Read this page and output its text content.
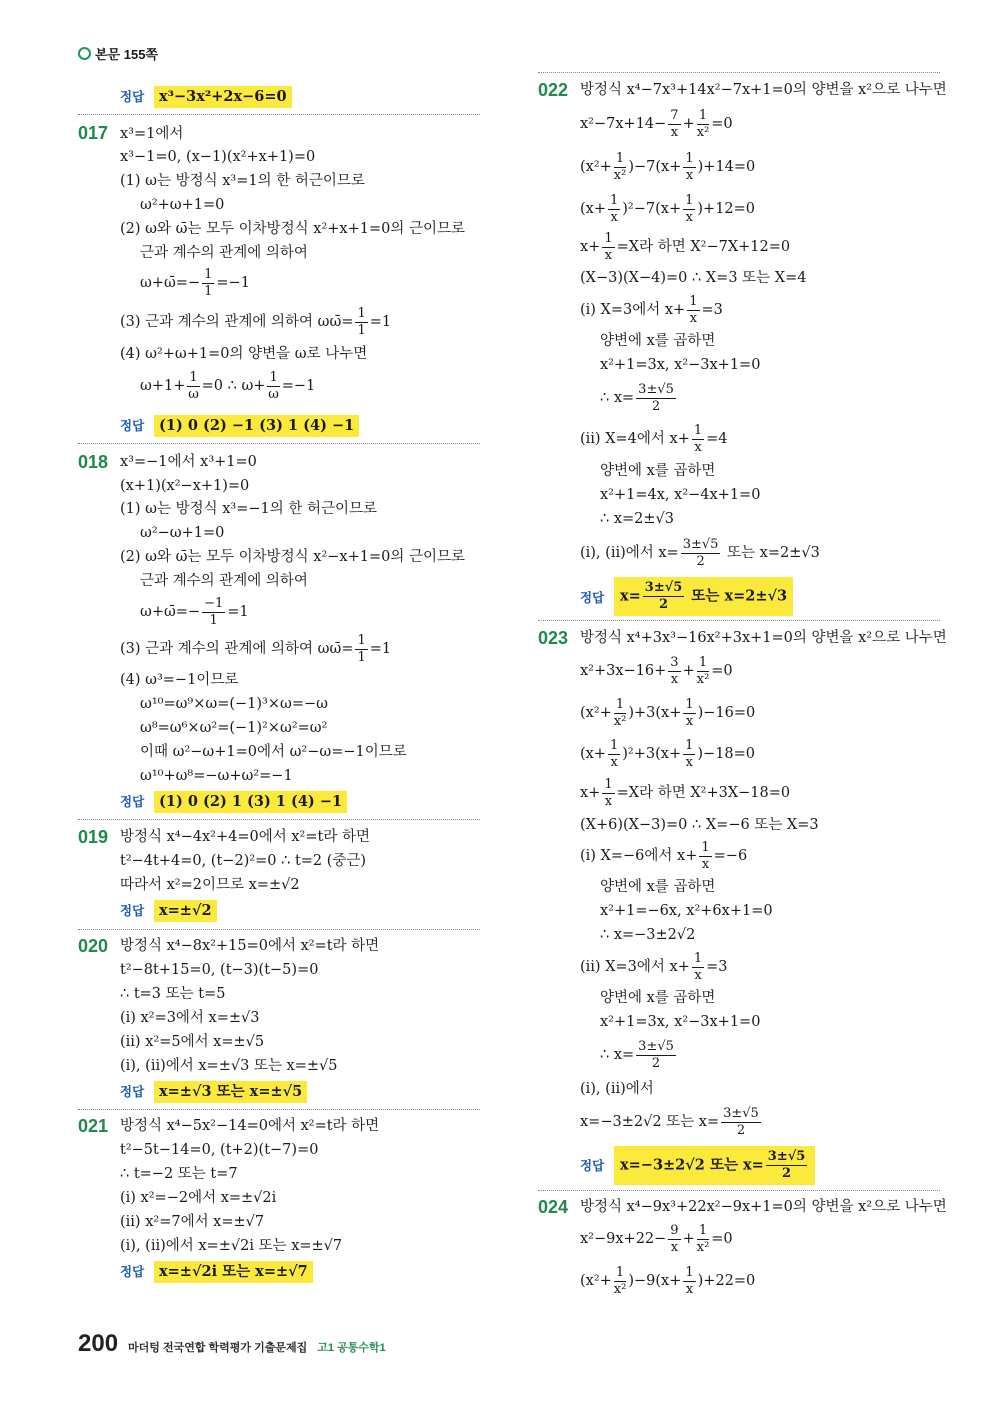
본문 155쪽
정답	x³−3x²+2x−6=0
017 x³=1에서
x³−1=0, (x−1)(x²+x+1)=0
(1) ω는 방정식 x³=1의 한 허근이므로
ω²+ω+1=0
(2) ω와 ω̄는 모두 이차방정식 x²+x+1=0의 근이므로
근과 계수의 관계에 의하여
ω+ω̄=− $\frac{1}{1} =-1$
(3) 근과 계수의 관계에 의하여 ωω̄= $\frac{1}{1} =1$
(4) ω²+ω+1=0의 양변을 ω로 나누면
$\omega+1+ \frac{1}{\omega} =0$ ∴ $\omega+ \frac{1}{\omega} =-1$
정답	(1) 0 (2) −1 (3) 1 (4) −1
018 x³=−1에서 x³+1=0
(x+1)(x²−x+1)=0
(1) ω는 방정식 x³=−1의 한 허근이므로
ω²−ω+1=0
(2) ω와 ω̄는 모두 이차방정식 x²−x+1=0의 근이므로
근과 계수의 관계에 의하여
ω+ω̄=− $\frac{-1}{1} =1$
(3) 근과 계수의 관계에 의하여 ωω̄= $\frac{1}{1} =1$
(4) ω³=−1이므로
ω¹⁰=ω⁹×ω=(−1)³×ω=−ω
ω⁸=ω⁶×ω²=(−1)²×ω²=ω²
이때 ω²−ω+1=0에서 ω²−ω=−1이므로
ω¹⁰+ω⁸=−ω+ω²=−1
정답	(1) 0 (2) 1 (3) 1 (4) −1
019 방정식 x⁴−4x²+4=0에서 x²=t라 하면
t²−4t+4=0, (t−2)²=0 ∴ t=2 (중근)
따라서 x²=2이므로 x=±√2
정답	x=±√2
020 방정식 x⁴−8x²+15=0에서 x²=t라 하면
t²−8t+15=0, (t−3)(t−5)=0
∴ t=3 또는 t=5
(ⅰ) x²=3에서 x=±√3
(ⅱ) x²=5에서 x=±√5
(ⅰ), (ⅱ)에서 x=±√3 또는 x=±√5
정답	x=±√3 또는 x=±√5
021 방정식 x⁴−5x²−14=0에서 x²=t라 하면
t²−5t−14=0, (t+2)(t−7)=0
∴ t=−2 또는 t=7
(ⅰ) x²=−2에서 x=±√2i
(ⅱ) x²=7에서 x=±√7
(ⅰ), (ⅱ)에서 x=±√2i 또는 x=±√7
정답	x=±√2i 또는 x=±√7
022 방정식 x⁴−7x³+14x²−7x+1=0의 양변을 x²으로 나누면
$x^2-7x+14- \frac{7}{x} + \frac{1}{\text{x²}} =0$
$(x^2+ \frac{1}{\text{x²}} )-7(x+ \frac{1}{x} )+14=0$
$(x+ \frac{1}{x} )^2-7(x+ \frac{1}{x} )+12=0$
$x+ \frac{1}{x} =X$라 하면 X²−7X+12=0
(X−3)(X−4)=0 ∴ X=3 또는 X=4
(ⅰ) X=3에서 $x+ \frac{1}{x} =3$
양변에 x를 곱하면
x²+1=3x, x²−3x+1=0
∴ $x= \frac{3\pm√5}{2}$
(ⅱ) X=4에서 $x+ \frac{1}{x} =4$
양변에 x를 곱하면
x²+1=4x, x²−4x+1=0
∴ x=2±√3
(ⅰ), (ⅱ)에서 $x= \frac{3\pm√5}{2}$ 또는 x=2±√3
정답	$x= \frac{3\pm√5}{2}$ 또는 x=2±√3
023 방정식 x⁴+3x³−16x²+3x+1=0의 양변을 x²으로 나누면
$x^2+3x-16+ \frac{3}{x} + \frac{1}{\text{x²}} =0$
$(x^2+ \frac{1}{\text{x²}} )+3(x+ \frac{1}{x} )-16=0$
$(x+ \frac{1}{x} )^2+3(x+ \frac{1}{x} )-18=0$
$x+ \frac{1}{x} =X$라 하면 X²+3X−18=0
(X+6)(X−3)=0 ∴ X=−6 또는 X=3
(ⅰ) X=−6에서 $x+ \frac{1}{x} =-6$
양변에 x를 곱하면
x²+1=−6x, x²+6x+1=0
∴ x=−3±2√2
(ⅱ) X=3에서 $x+ \frac{1}{x} =3$
양변에 x를 곱하면
x²+1=3x, x²−3x+1=0
∴ $x= \frac{3\pm√5}{2}$
(ⅰ), (ⅱ)에서
x=−3±2√2 또는 $x= \frac{3\pm√5}{2}$
정답	x=−3±2√2 또는 $x= \frac{3\pm√5}{2}$
024 방정식 x⁴−9x³+22x²−9x+1=0의 양변을 x²으로 나누면
$x^2-9x+22- \frac{9}{x} + \frac{1}{\text{x²}} =0$
$(x^2+ \frac{1}{\text{x²}} )-9(x+ \frac{1}{x} )+22=0$
200 마더텅 전국연합 학력평가 기출문제집 고1 공통수학1
